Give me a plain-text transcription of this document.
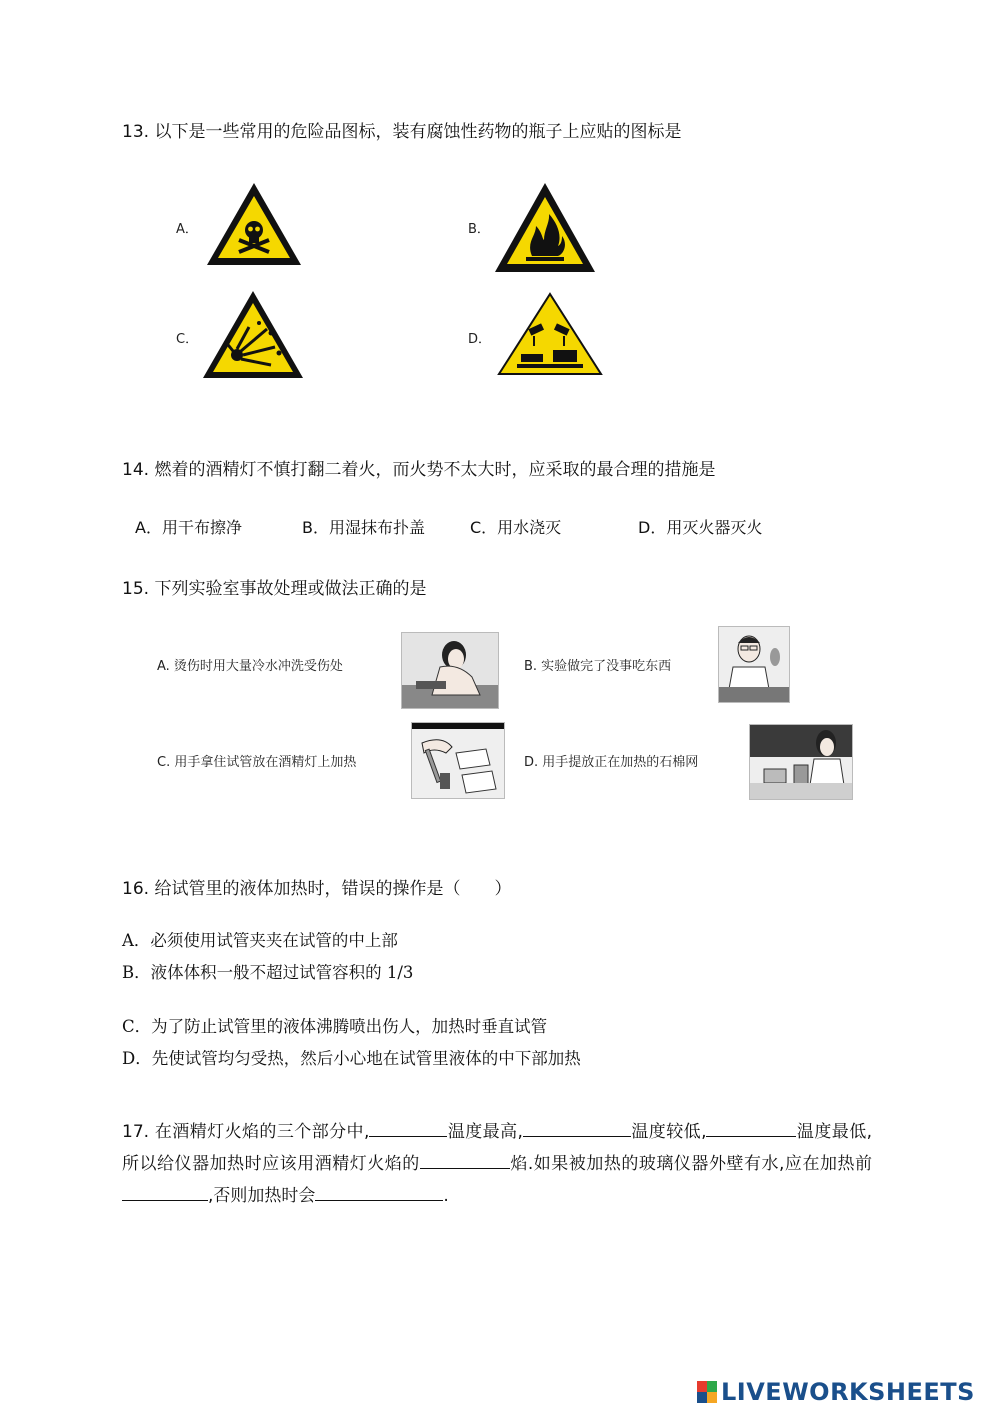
13. 以下是一些常用的危险品图标，装有腐蚀性药物的瓶子上应贴的图标是

A．	B．
C．	D．

14. 燃着的酒精灯不慎打翻二着火，而火势不太大时，应采取的最合理的措施是

A．用干布擦净	B．用湿抹布扑盖	C．用水浇灭	D．用灭火器灭火

15. 下列实验室事故处理或做法正确的是

A. 烫伤时用大量冷水冲洗受伤处	B. 实验做完了没事吃东西
C. 用手拿住试管放在酒精灯上加热	D. 用手提放正在加热的石棉网

16. 给试管里的液体加热时，错误的操作是（　　）

A．必须使用试管夹夹在试管的中上部
B．液体体积一般不超过试管容积的 1/3
C．为了防止试管里的液体沸腾喷出伤人，加热时垂直试管
D．先使试管均匀受热，然后小心地在试管里液体的中下部加热

17. 在酒精灯火焰的三个部分中,	温度最高,	温度较低,	温度最低,所以给仪器加热时应该用酒精灯火焰的	焰.如果被加热的玻璃仪器外壁有水,应在加热前,否则加热时会	.

LIVEWORKSHEETS
